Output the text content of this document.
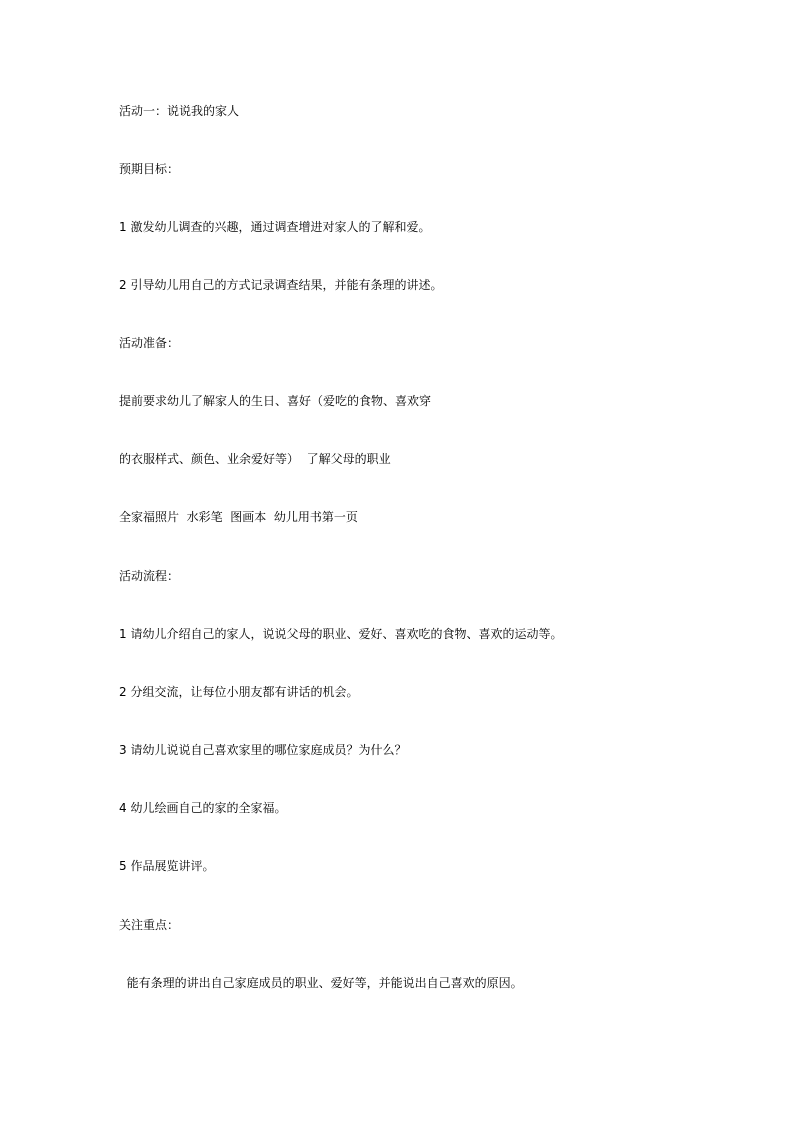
活动一：说说我的家人
预期目标：
1 激发幼儿调查的兴趣，通过调查增进对家人的了解和爱。
2 引导幼儿用自己的方式记录调查结果，并能有条理的讲述。
活动准备：
提前要求幼儿了解家人的生日、喜好（爱吃的食物、喜欢穿
的衣服样式、颜色、业余爱好等）  了解父母的职业
全家福照片  水彩笔  图画本  幼儿用书第一页
活动流程：
1 请幼儿介绍自己的家人，说说父母的职业、爱好、喜欢吃的食物、喜欢的运动等。
2 分组交流，让每位小朋友都有讲话的机会。
3 请幼儿说说自己喜欢家里的哪位家庭成员？为什么？
4 幼儿绘画自己的家的全家福。
5 作品展览讲评。
关注重点：
能有条理的讲出自己家庭成员的职业、爱好等，并能说出自己喜欢的原因。
